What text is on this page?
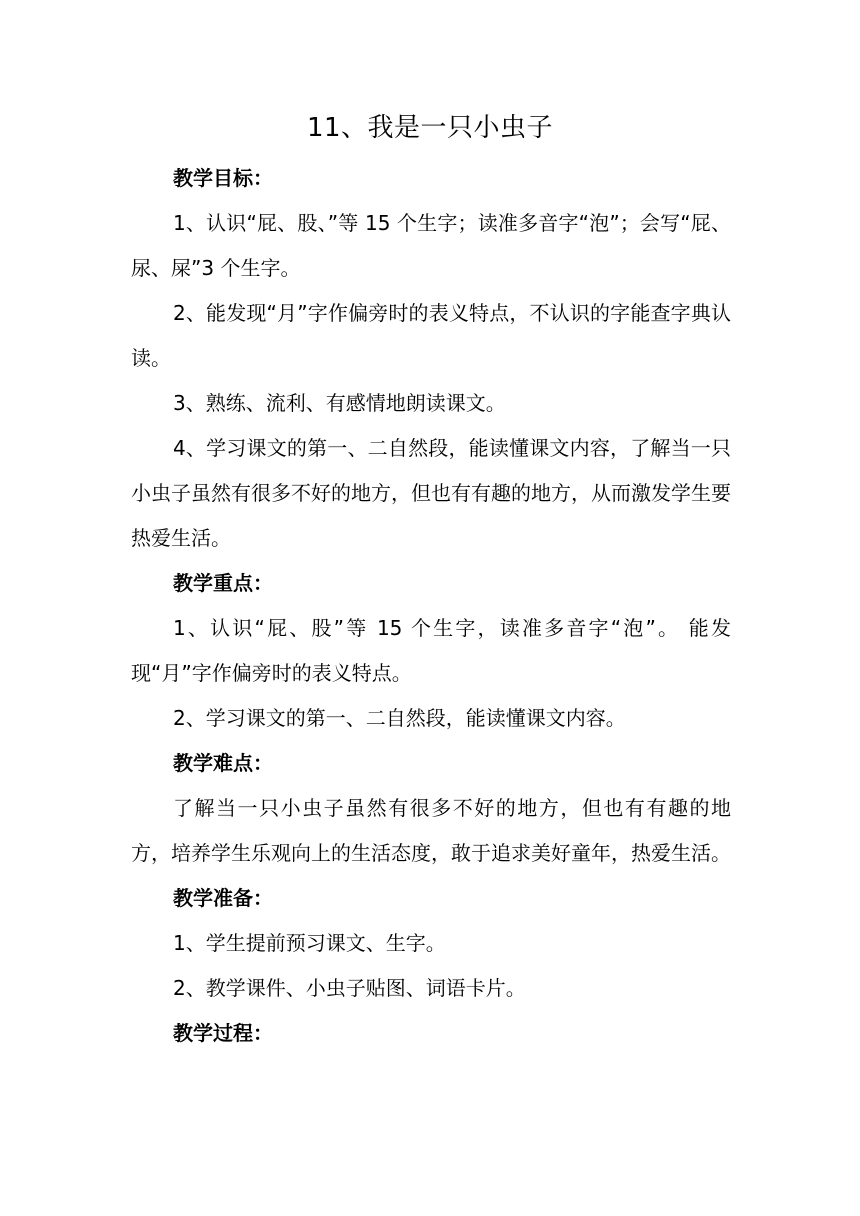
11、我是一只小虫子

教学目标：

1、认识“屁、股、”等 15 个生字；读准多音字“泡”；会写“屁、尿、屎”3 个生字。

2、能发现“月”字作偏旁时的表义特点，不认识的字能查字典认读。

3、熟练、流利、有感情地朗读课文。

4、学习课文的第一、二自然段，能读懂课文内容，了解当一只小虫子虽然有很多不好的地方，但也有有趣的地方，从而激发学生要热爱生活。

教学重点：

1、认识“屁、股”等 15 个生字，读准多音字“泡”。 能发现“月”字作偏旁时的表义特点。

2、学习课文的第一、二自然段，能读懂课文内容。

教学难点：

了解当一只小虫子虽然有很多不好的地方，但也有有趣的地方，培养学生乐观向上的生活态度，敢于追求美好童年，热爱生活。

教学准备：

1、学生提前预习课文、生字。

2、教学课件、小虫子贴图、词语卡片。

教学过程：
